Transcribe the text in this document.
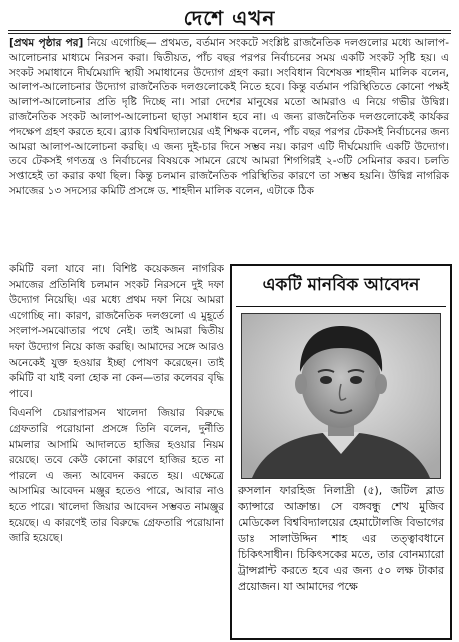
দেশে এখন
[প্রথম পৃষ্ঠার পর] নিয়ে এগোচ্ছি— প্রথমত, বর্তমান সংকটে সংশ্লিষ্ট রাজনৈতিক দলগুলোর মধ্যে আলাপ-আলোচনার মাধ্যমে নিরসন করা। দ্বিতীয়ত, পাঁচ বছর পরপর নির্বাচনের সময় একটি সংকট সৃষ্টি হয়। এ সংকট সমাধানে দীর্ঘমেয়াদি স্থায়ী সমাধানের উদ্যোগ গ্রহণ করা। সংবিধান বিশেষজ্ঞ শাহদীন মালিক বলেন, আলাপ-আলোচনার উদ্যোগ রাজনৈতিক দলগুলোকেই নিতে হবে। কিন্তু বর্তমান পরিস্থিতিতে কোনো পক্ষই আলাপ-আলোচনার প্রতি দৃষ্টি দিচ্ছে না। সারা দেশের মানুষের মতো আমরাও এ নিয়ে গভীর উদ্বিগ্ন। রাজনৈতিক সংকট আলাপ-আলোচনা ছাড়া সমাধান হবে না। এ জন্য রাজনৈতিক দলগুলোকেই কার্যকর পদক্ষেপ গ্রহণ করতে হবে। ব্র্যাক বিশ্ববিদ্যালয়ের এই শিক্ষক বলেন, পাঁচ বছর পরপর টেকসই নির্বাচনের জন্য আমরা আলাপ-আলোচনা করছি। এ জন্য দুই-চার দিনে সম্ভব নয়। কারণ এটি দীর্ঘমেয়াদি একটি উদ্যোগ। তবে টেকসই গণতন্ত্র ও নির্বাচনের বিষয়কে সামনে রেখে আমরা শিগগিরই ২-৩টি সেমিনার করব। চলতি সপ্তাহেই তা করার কথা ছিল। কিন্তু চলমান রাজনৈতিক পরিস্থিতির কারণে তা সম্ভব হয়নি। উদ্বিগ্ন নাগরিক সমাজের ১৩ সদস্যের কমিটি প্রসঙ্গে ড. শাহদীন মালিক বলেন, এটাকে ঠিক

কমিটি বলা যাবে না। বিশিষ্ট কয়েকজন নাগরিক সমাজের প্রতিনিধি চলমান সংকট নিরসনে দুই দফা উদ্যোগ নিয়েছি। এর মধ্যে প্রথম দফা নিয়ে আমরা এগোচ্ছি না। কারণ, রাজনৈতিক দলগুলো এ মুহূর্তে সংলাপ-সমঝোতার পথে নেই। তাই আমরা দ্বিতীয় দফা উদ্যোগ নিয়ে কাজ করছি। আমাদের সঙ্গে আরও অনেকেই যুক্ত হওয়ার ইচ্ছা পোষণ করেছেন। তাই কমিটি বা যাই বলা হোক না কেন—তার কলেবর বৃদ্ধি পাবে।

বিএনপি চেয়ারপারসন খালেদা জিয়ার বিরুদ্ধে গ্রেফতারি পরোয়ানা প্রসঙ্গে তিনি বলেন, দুর্নীতি মামলার আসামি আদালতে হাজির হওয়ার নিয়ম রয়েছে। তবে কেউ কোনো কারণে হাজির হতে না পারলে এ জন্য আবেদন করতে হয়। এক্ষেত্রে আসামির আবেদন মঞ্জুর হতেও পারে, আবার নাও হতে পারে। খালেদা জিয়ার আবেদন সম্ভবত নামঞ্জুর হয়েছে। এ কারণেই তার বিরুদ্ধে গ্রেফতারি পরোয়ানা জারি হয়েছে।

একটি মানবিক আবেদন
রুসলান ফারহিজ নিলাদ্রী (৫), জটিল ব্লাড ক্যান্সারে আক্রান্ত। সে বঙ্গবন্ধু শেখ মুজিব মেডিকেল বিশ্ববিদ্যালয়ের হেমাটোলজি বিভাগের ডাঃ সালাউদ্দিন শাহ এর তত্ত্বাবধানে চিকিৎসাধীন। চিকিৎসকের মতে, তার বোনম্যারো ট্রান্সপ্লান্ট করতে হবে এর জন্য ৫০ লক্ষ টাকার প্রয়োজন। যা আমাদের পক্ষে
